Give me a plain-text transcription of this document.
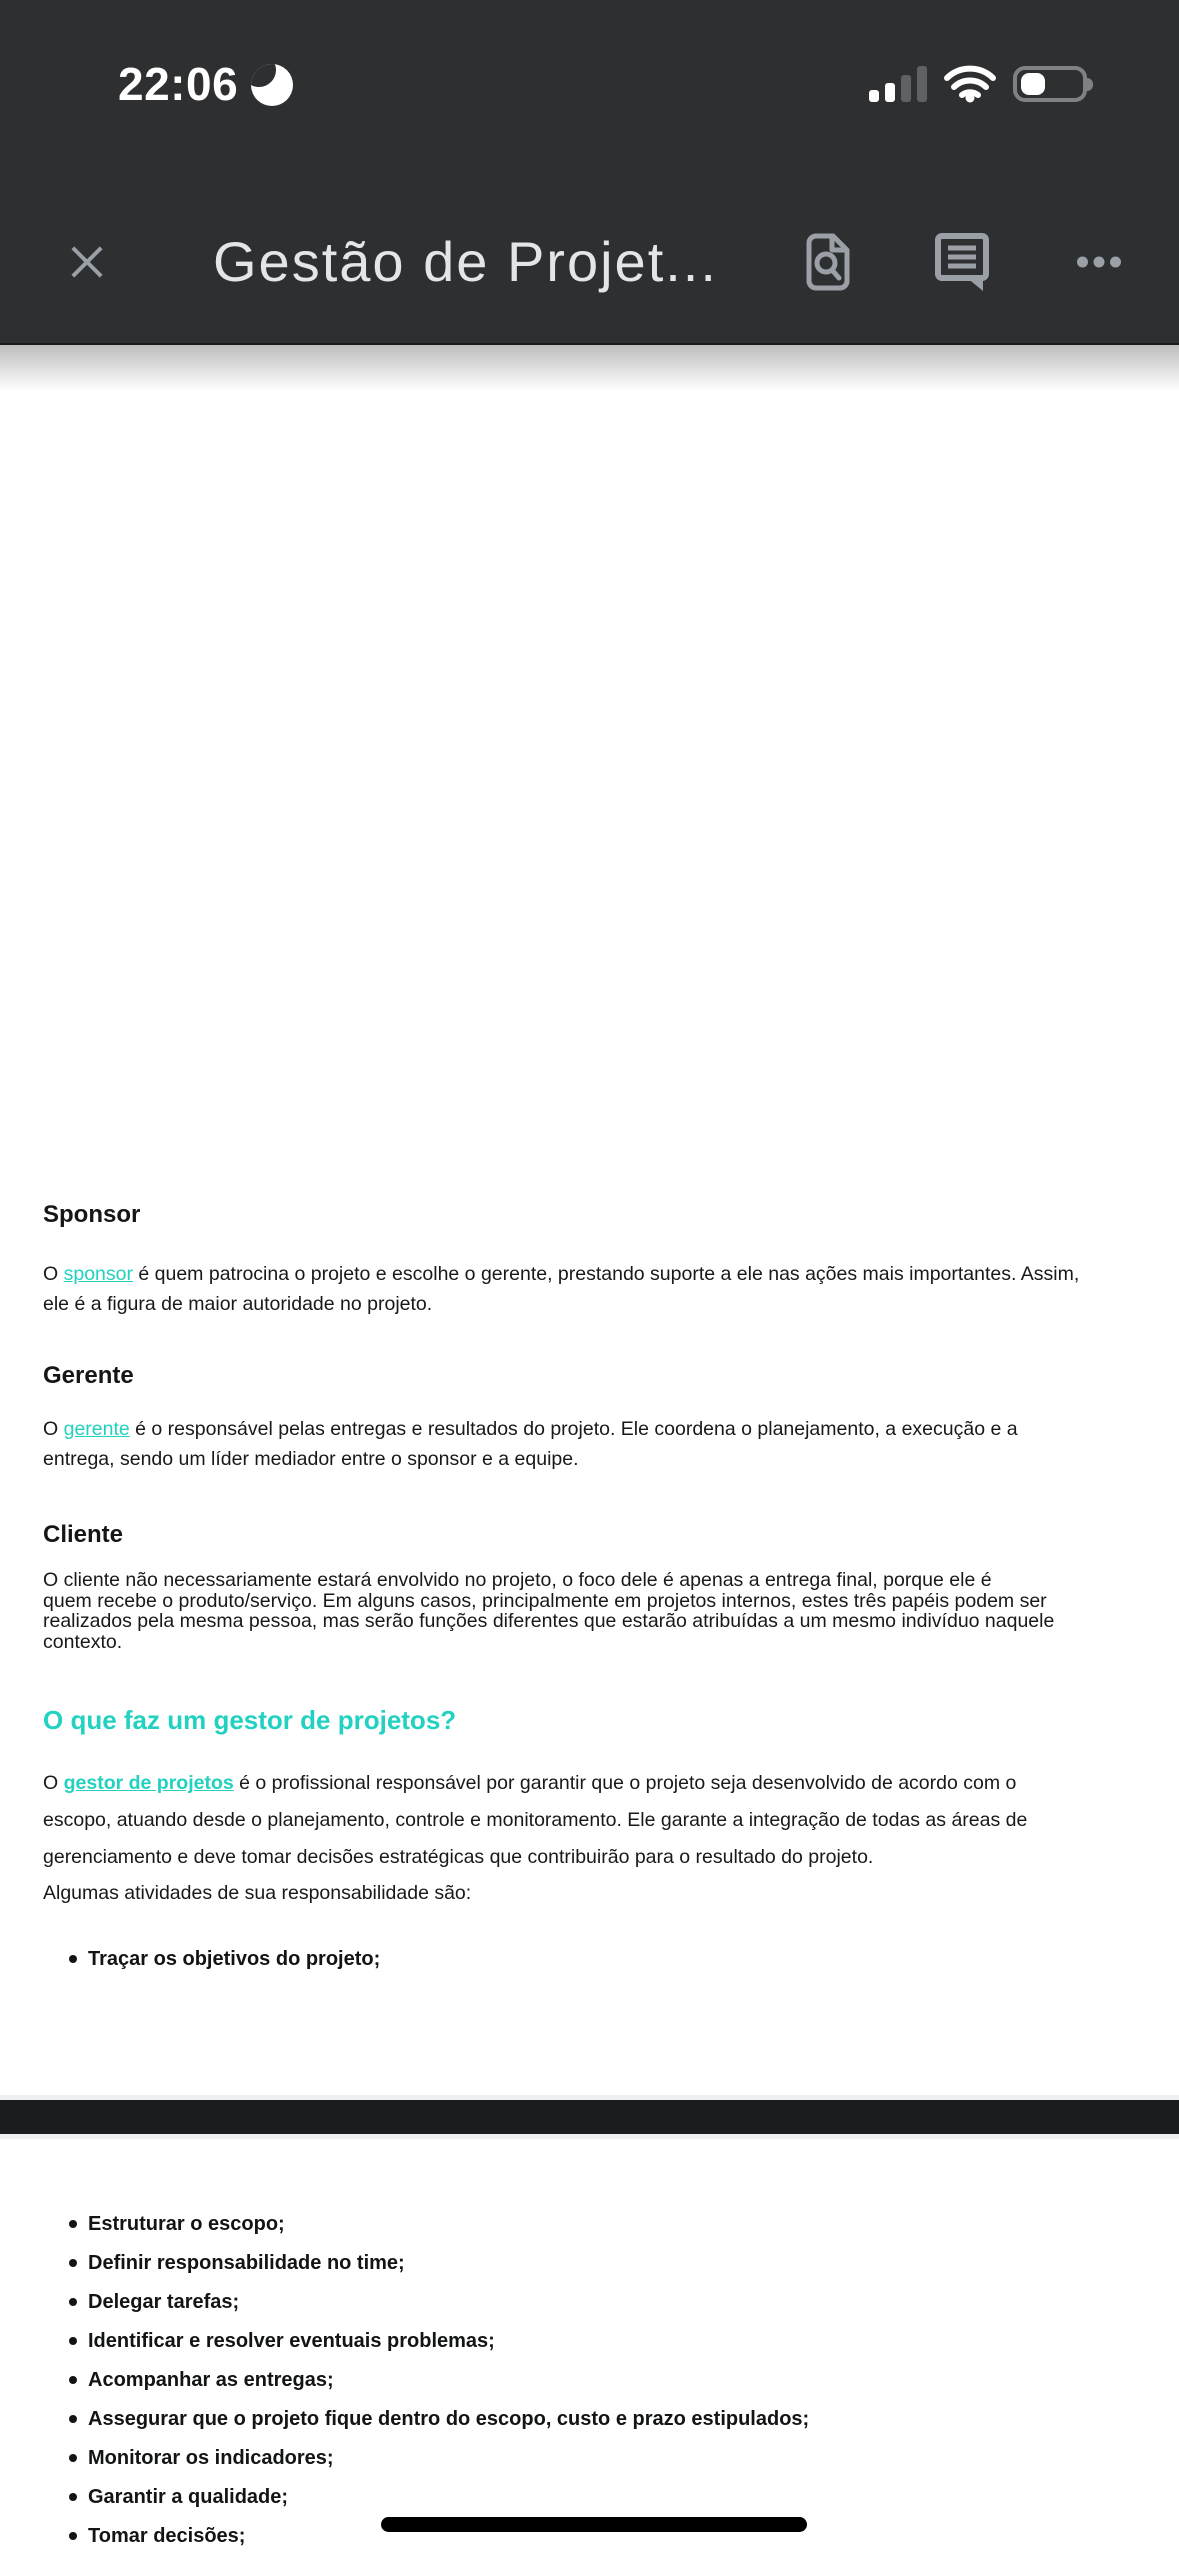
22:06
Gestão de Projet...
Sponsor
O sponsor é quem patrocina o projeto e escolhe o gerente, prestando suporte a ele nas ações mais importantes. Assim,
ele é a figura de maior autoridade no projeto.
Gerente
O gerente é o responsável pelas entregas e resultados do projeto. Ele coordena o planejamento, a execução e a
entrega, sendo um líder mediador entre o sponsor e a equipe.
Cliente
O cliente não necessariamente estará envolvido no projeto, o foco dele é apenas a entrega final, porque ele é
quem recebe o produto/serviço. Em alguns casos, principalmente em projetos internos, estes três papéis podem ser
realizados pela mesma pessoa, mas serão funções diferentes que estarão atribuídas a um mesmo indivíduo naquele
contexto.
O que faz um gestor de projetos?
O gestor de projetos é o profissional responsável por garantir que o projeto seja desenvolvido de acordo com o
escopo, atuando desde o planejamento, controle e monitoramento. Ele garante a integração de todas as áreas de
gerenciamento e deve tomar decisões estratégicas que contribuirão para o resultado do projeto.
Algumas atividades de sua responsabilidade são:
Traçar os objetivos do projeto;
Estruturar o escopo;
Definir responsabilidade no time;
Delegar tarefas;
Identificar e resolver eventuais problemas;
Acompanhar as entregas;
Assegurar que o projeto fique dentro do escopo, custo e prazo estipulados;
Monitorar os indicadores;
Garantir a qualidade;
Tomar decisões;
